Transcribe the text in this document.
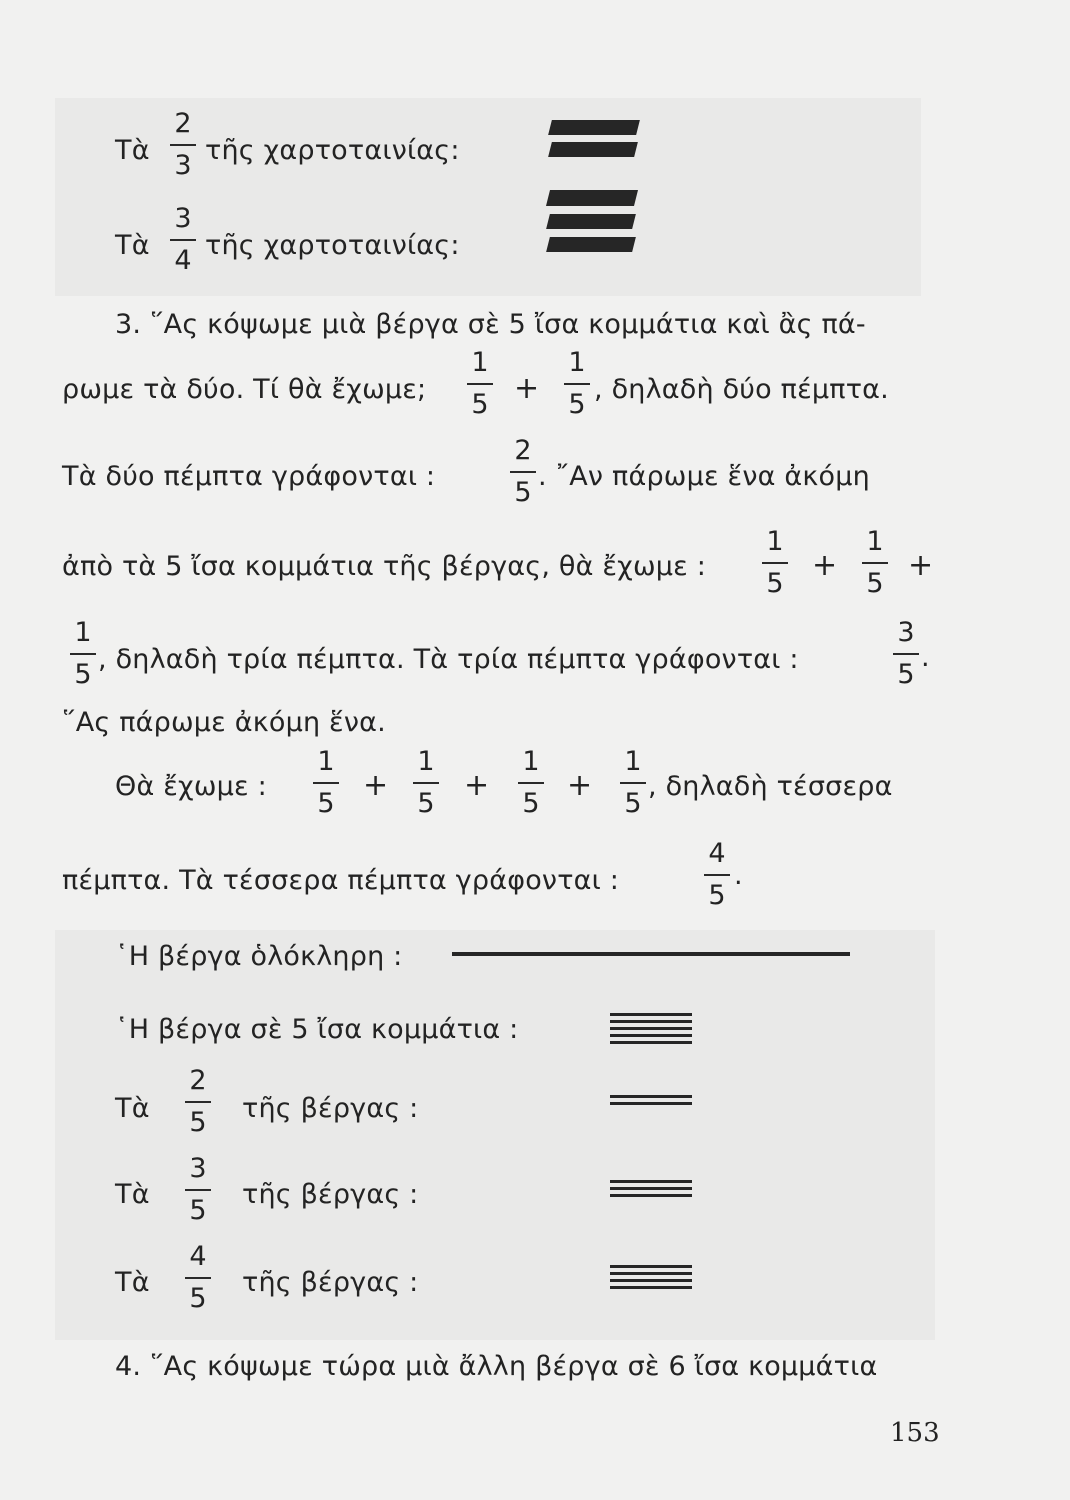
Τὰ
2
3 τῆς χαρτοταινίας:
Τὰ
3
4 τῆς χαρτοταινίας:
3. ῞Ας κόψωμε μιὰ βέργα σὲ 5 ἴσα κομμάτια καὶ ἂς πά-
ρωμε τὰ δύο. Τί θὰ ἔχωμε;
1
5 +
1
5 , δηλαδὴ δύο πέμπτα.
Τὰ δύο πέμπτα γράφονται :
2
5
. ῎Αν πάρωμε ἕνα ἀκόμη
ἀπὸ τὰ 5 ἴσα κομμάτια τῆς βέργας, θὰ ἔχωμε :
1
5
+
1
5
+
1
5 , δηλαδὴ τρία πέμπτα. Τὰ τρία πέμπτα γράφονται :
3
5
.
῞Ας πάρωμε ἀκόμη ἕνα.
Θὰ ἔχωμε :
1
5
+
1
5
+
1
5
+
1
5
, δηλαδὴ τέσσερα
πέμπτα. Τὰ τέσσερα πέμπτα γράφονται :
4
5
.
῾Η βέργα ὁλόκληρη :
῾Η βέργα σὲ 5 ἴσα κομμάτια :
Τὰ
2
5 τῆς βέργας :
Τὰ
3
5
τῆς βέργας :
Τὰ
4
5
τῆς βέργας :
4. ῞Ας κόψωμε τώρα μιὰ ἄλλη βέργα σὲ 6 ἴσα κομμάτια
153
